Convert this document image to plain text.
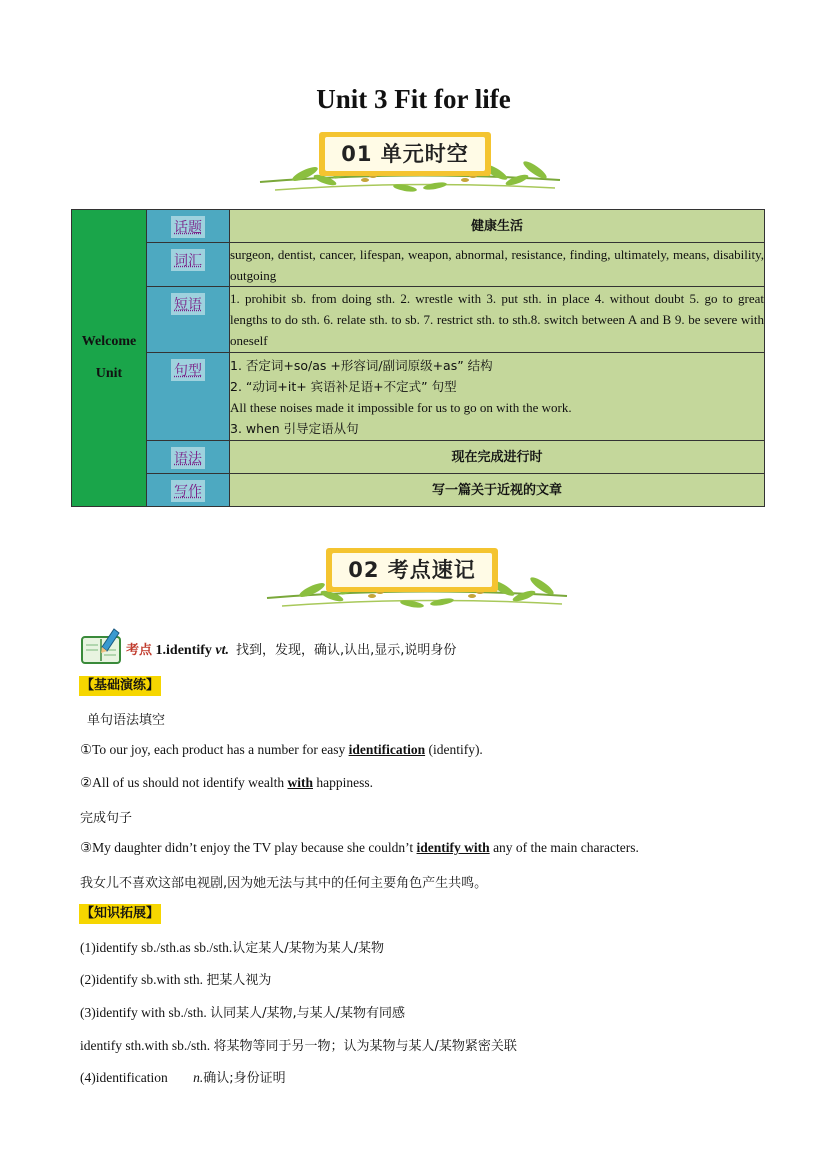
Unit 3 Fit for life
01 单元时空
Welcome
Unit	话题	健康生活
	词汇	surgeon, dentist, cancer, lifespan, weapon, abnormal, resistance, finding, ultimately, means, disability, outgoing
	短语	1. prohibit sb. from doing sth. 2. wrestle with 3. put sth. in place 4. without doubt 5. go to great lengths to do sth. 6. relate sth. to sb. 7. restrict sth. to sth.8. switch between A and B 9. be severe with oneself
	句型	1. 否定词+so/as +形容词/副词原级+as” 结构
2. “动词+it+ 宾语补足语+不定式” 句型
All these noises made it impossible for us to go on with the work.
3. when 引导定语从句

	语法	现在完成进行时
	写作	写一篇关于近视的文章
02 考点速记
考点 1.identify vt. 找到，发现，确认,认出,显示,说明身份
【基础演练】
单句语法填空
①To our joy, each product has a number for easy identification (identify).
②All of us should not identify wealth with happiness.
完成句子
③My daughter didn’t enjoy the TV play because she couldn’t identify with any of the main characters.
我女儿不喜欢这部电视剧,因为她无法与其中的任何主要角色产生共鸣。
【知识拓展】
(1)identify sb./sth.as sb./sth.认定某人/某物为某人/某物
(2)identify sb.with sth. 把某人视为
(3)identify with sb./sth. 认同某人/某物,与某人/某物有同感
identify sth.with sb./sth. 将某物等同于另一物；认为某物与某人/某物紧密关联
(4)identification n.确认;身份证明
